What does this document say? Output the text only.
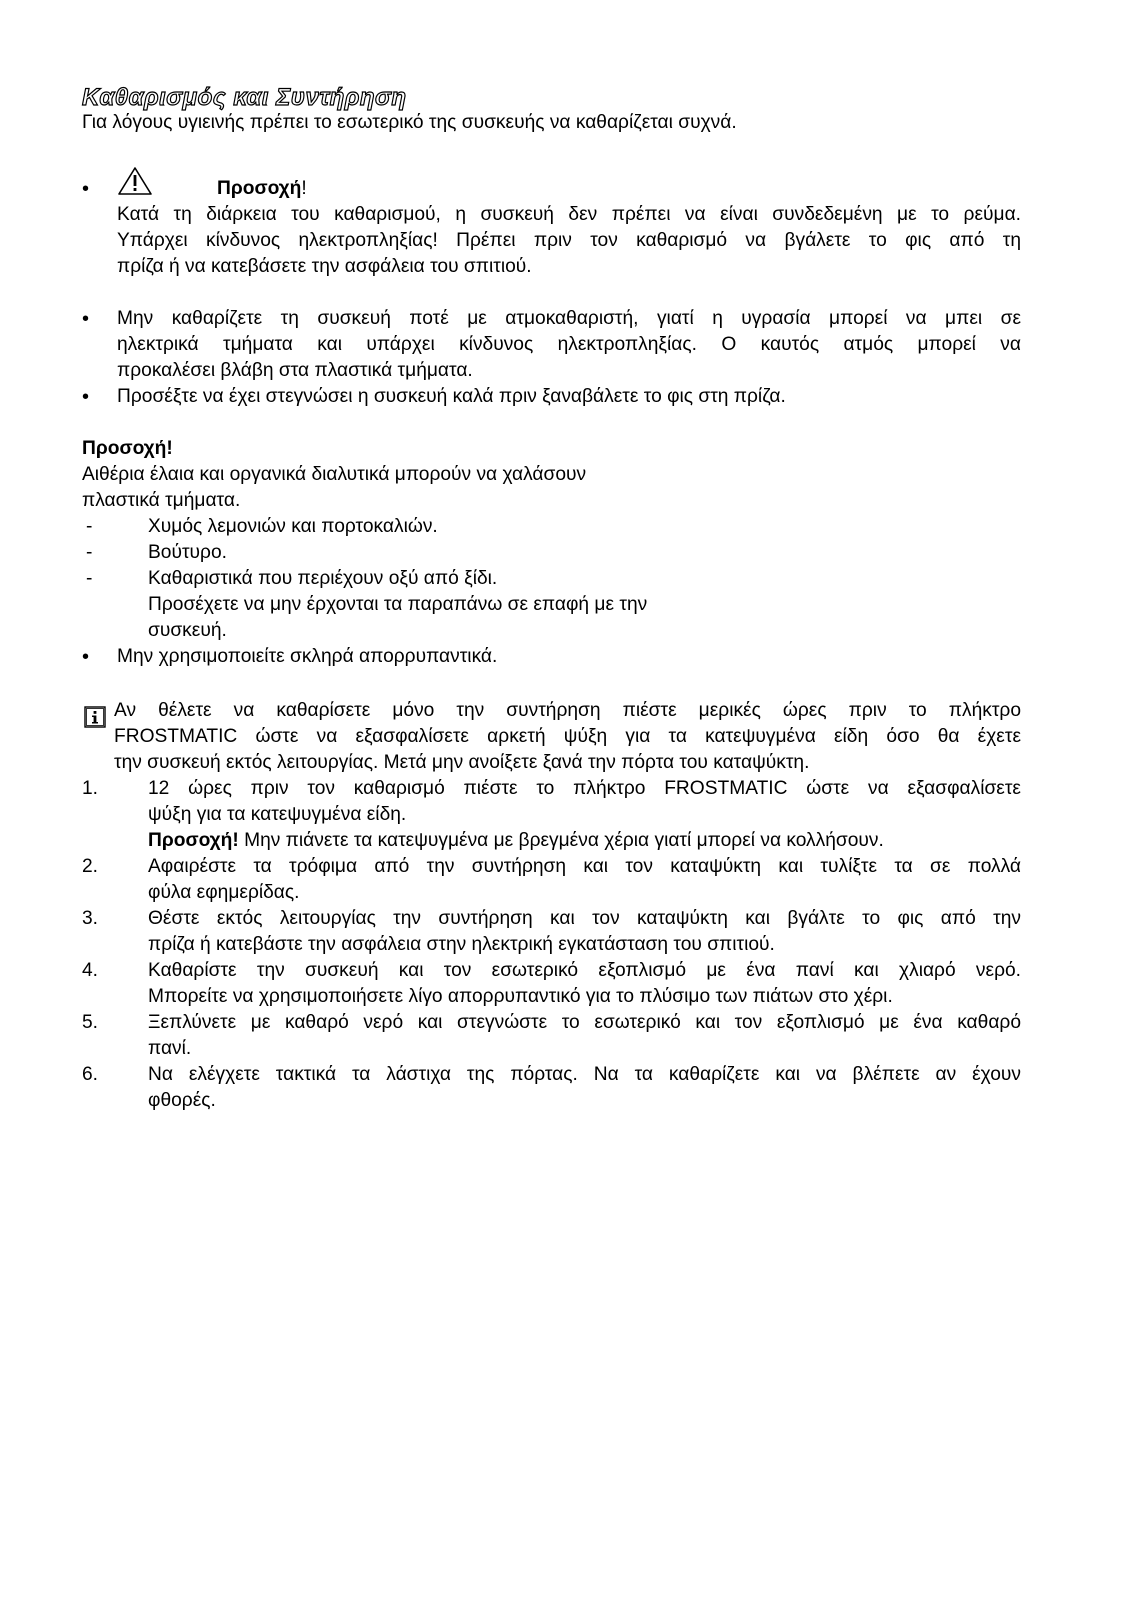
Καθαρισμός και Συντήρηση
Για λόγους υγιεινής πρέπει το εσωτερικό της συσκευής να καθαρίζεται συχνά.
•	Προσοχή!
Κατά τη διάρκεια του καθαρισμού, η συσκευή δεν πρέπει να είναι συνδεδεμένη με το ρεύμα.
Υπάρχει κίνδυνος ηλεκτροπληξίας! Πρέπει πριν τον καθαρισμό να βγάλετε το φις από τη
πρίζα ή να κατεβάσετε την ασφάλεια του σπιτιού.
• Μην καθαρίζετε τη συσκευή ποτέ με ατμοκαθαριστή, γιατί η υγρασία μπορεί να μπει σε
ηλεκτρικά τμήματα και υπάρχει κίνδυνος ηλεκτροπληξίας. Ο καυτός ατμός μπορεί να
προκαλέσει βλάβη στα πλαστικά τμήματα.
• Προσέξτε να έχει στεγνώσει η συσκευή καλά πριν ξαναβάλετε το φις στη πρίζα.
Προσοχή!
Αιθέρια έλαια και οργανικά διαλυτικά μπορούν να χαλάσουν
πλαστικά τμήματα.
-	Χυμός λεμονιών και πορτοκαλιών.
-	Βούτυρο.
-	Καθαριστικά που περιέχουν οξύ από ξίδι.
Προσέχετε να μην έρχονται τα παραπάνω σε επαφή με την
συσκευή.
• Μην χρησιμοποιείτε σκληρά απορρυπαντικά.
Αν θέλετε να καθαρίσετε μόνο την συντήρηση πιέστε μερικές ώρες πριν το πλήκτρο
FROSTMATIC ώστε να εξασφαλίσετε αρκετή ψύξη για τα κατεψυγμένα είδη όσο θα έχετε
την συσκευή εκτός λειτουργίας. Μετά μην ανοίξετε ξανά την πόρτα του καταψύκτη.
1.	12 ώρες πριν τον καθαρισμό πιέστε το πλήκτρο FROSTMATIC ώστε να εξασφαλίσετε
ψύξη για τα κατεψυγμένα είδη.
Προσοχή! Μην πιάνετε τα κατεψυγμένα με βρεγμένα χέρια γιατί μπορεί να κολλήσουν.
2.	Αφαιρέστε τα τρόφιμα από την συντήρηση και τον καταψύκτη και τυλίξτε τα σε πολλά
φύλα εφημερίδας.
3.	Θέστε εκτός λειτουργίας την συντήρηση και τον καταψύκτη και βγάλτε το φις από την
πρίζα ή κατεβάστε την ασφάλεια στην ηλεκτρική εγκατάσταση του σπιτιού.
4.	Καθαρίστε την συσκευή και τον εσωτερικό εξοπλισμό με ένα πανί και χλιαρό νερό.
Μπορείτε να χρησιμοποιήσετε λίγο απορρυπαντικό για το πλύσιμο των πιάτων στο χέρι.
5.	Ξεπλύνετε με καθαρό νερό και στεγνώστε το εσωτερικό και τον εξοπλισμό με ένα καθαρό
πανί.
6.	Να ελέγχετε τακτικά τα λάστιχα της πόρτας. Να τα καθαρίζετε και να βλέπετε αν έχουν
φθορές.
